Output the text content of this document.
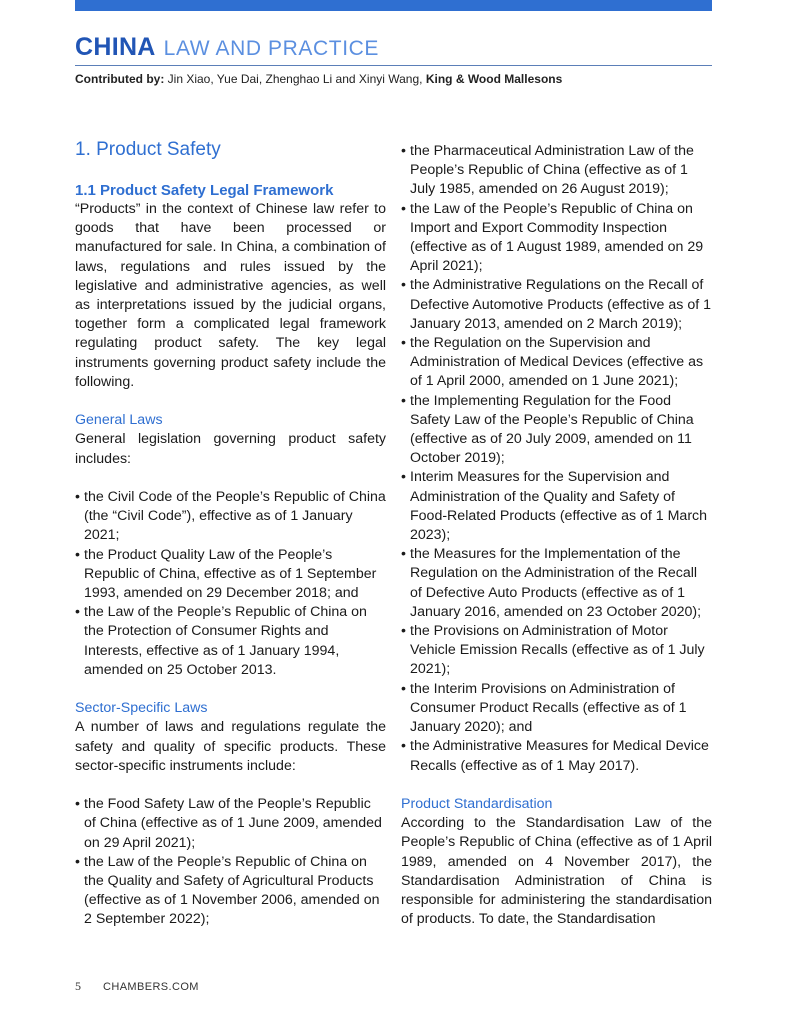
CHINA LAW AND PRACTICE
Contributed by: Jin Xiao, Yue Dai, Zhenghao Li and Xinyi Wang, King & Wood Mallesons
1. Product Safety
1.1 Product Safety Legal Framework

“Products” in the context of Chinese law refer to goods that have been processed or manufactured for sale. In China, a combination of laws, regulations and rules issued by the legislative and administrative agencies, as well as interpretations issued by the judicial organs, together form a complicated legal framework regulating product safety. The key legal instruments governing product safety include the following.

General Laws

General legislation governing product safety includes:

• the Civil Code of the People’s Republic of China (the “Civil Code”), effective as of 1 January 2021;
• the Product Quality Law of the People’s Republic of China, effective as of 1 September 1993, amended on 29 December 2018; and
• the Law of the People’s Republic of China on the Protection of Consumer Rights and Interests, effective as of 1 January 1994, amended on 25 October 2013.
Sector-Specific Laws

A number of laws and regulations regulate the safety and quality of specific products. These sector-specific instruments include:

• the Food Safety Law of the People’s Republic of China (effective as of 1 June 2009, amended on 29 April 2021);
• the Law of the People’s Republic of China on the Quality and Safety of Agricultural Products (effective as of 1 November 2006, amended on 2 September 2022);
• the Pharmaceutical Administration Law of the People’s Republic of China (effective as of 1 July 1985, amended on 26 August 2019);
• the Law of the People’s Republic of China on Import and Export Commodity Inspection (effective as of 1 August 1989, amended on 29 April 2021);
• the Administrative Regulations on the Recall of Defective Automotive Products (effective as of 1 January 2013, amended on 2 March 2019);
• the Regulation on the Supervision and Administration of Medical Devices (effective as of 1 April 2000, amended on 1 June 2021);
• the Implementing Regulation for the Food Safety Law of the People’s Republic of China (effective as of 20 July 2009, amended on 11 October 2019);
• Interim Measures for the Supervision and Administration of the Quality and Safety of Food-Related Products (effective as of 1 March 2023);
• the Measures for the Implementation of the Regulation on the Administration of the Recall of Defective Auto Products (effective as of 1 January 2016, amended on 23 October 2020);
• the Provisions on Administration of Motor Vehicle Emission Recalls (effective as of 1 July 2021);
• the Interim Provisions on Administration of Consumer Product Recalls (effective as of 1 January 2020); and
• the Administrative Measures for Medical Device Recalls (effective as of 1 May 2017).
Product Standardisation

According to the Standardisation Law of the People’s Republic of China (effective as of 1 April 1989, amended on 4 November 2017), the Standardisation Administration of China is responsible for administering the standardisation of products. To date, the Standardisation

5 CHAMBERS.COM
